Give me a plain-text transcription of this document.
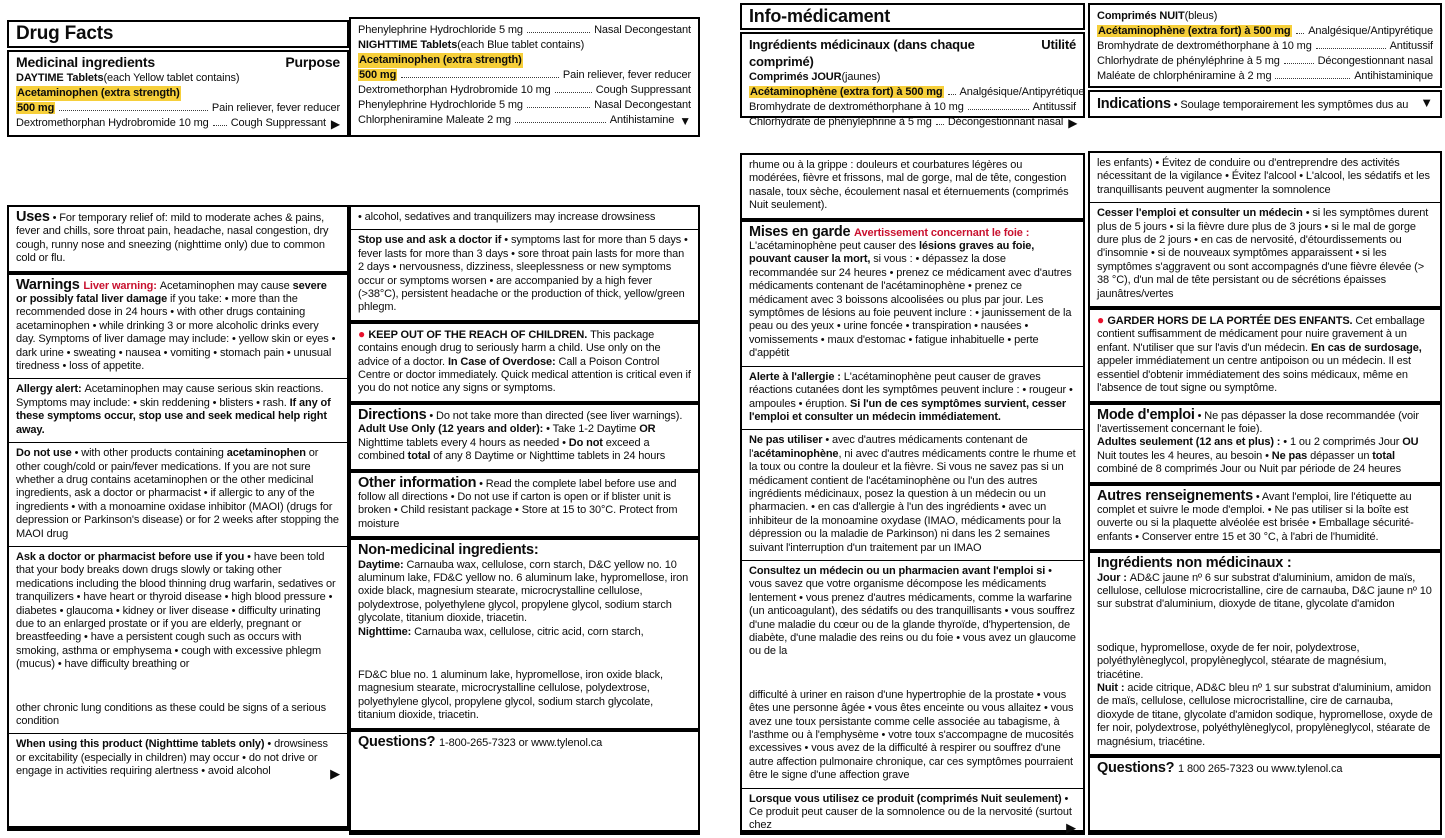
Drug Facts
Medicinal ingredients	Purpose
DAYTIME Tablets (each Yellow tablet contains)
Acetaminophen (extra strength)
500 mg	Pain reliever, fever reducer
Dextromethorphan Hydrobromide 10 mg Cough Suppressant ▶
Phenylephrine Hydrochloride 5 mg	Nasal Decongestant
NIGHTTIME Tablets (each Blue tablet contains)
Acetaminophen (extra strength)
500 mg	Pain reliever, fever reducer
Dextromethorphan Hydrobromide 10 mg	Cough Suppressant
Phenylephrine Hydrochloride 5 mg	Nasal Decongestant
Chlorpheniramine Maleate 2 mg	Antihistamine ▼
Uses • For temporary relief of: mild to moderate aches & pains, fever and chills, sore throat pain, headache, nasal congestion, dry cough, runny nose and sneezing (nighttime only) due to common cold or flu.
Warnings Liver warning: Acetaminophen may cause severe or possibly fatal liver damage if you take: • more than the recommended dose in 24 hours • with other drugs containing acetaminophen • while drinking 3 or more alcoholic drinks every day. Symptoms of liver damage may include: • yellow skin or eyes • dark urine • sweating • nausea • vomiting • stomach pain • unusual tiredness • loss of appetite.
Allergy alert: Acetaminophen may cause serious skin reactions. Symptoms may include: • skin reddening • blisters • rash. If any of these symptoms occur, stop use and seek medical help right away.
Do not use • with other products containing acetaminophen or other cough/cold or pain/fever medications. If you are not sure whether a drug contains acetaminophen or the other medicinal ingredients, ask a doctor or pharmacist • if allergic to any of the ingredients • with a monoamine oxidase inhibitor (MAOI) (drugs for depression or Parkinson's disease) or for 2 weeks after stopping the MAOI drug
Ask a doctor or pharmacist before use if you • have been told that your body breaks down drugs slowly or taking other medications including the blood thinning drug warfarin, sedatives or tranquilizers • have heart or thyroid disease • high blood pressure • diabetes • glaucoma • kidney or liver disease • difficulty urinating due to an enlarged prostate or if you are elderly, pregnant or breastfeeding • have a persistent cough such as occurs with smoking, asthma or emphysema • cough with excessive phlegm (mucus) • have difficulty breathing or
other chronic lung conditions as these could be signs of a serious condition
When using this product (Nighttime tablets only) • drowsiness or excitability (especially in children) may occur • do not drive or engage in activities requiring alertness • avoid alcohol	▶
• alcohol, sedatives and tranquilizers may increase drowsiness
Stop use and ask a doctor if • symptoms last for more than 5 days • fever lasts for more than 3 days • sore throat pain lasts for more than 2 days • nervousness, dizziness, sleeplessness or new symptoms occur or symptoms worsen • are accompanied by a high fever (>38°C), persistent headache or the production of thick, yellow/green phlegm.
● KEEP OUT OF THE REACH OF CHILDREN. This package contains enough drug to seriously harm a child. Use only on the advice of a doctor. In Case of Overdose: Call a Poison Control Centre or doctor immediately. Quick medical attention is critical even if you do not notice any signs or symptoms.
Directions • Do not take more than directed (see liver warnings).
Adult Use Only (12 years and older): • Take 1-2 Daytime OR Nighttime tablets every 4 hours as needed • Do not exceed a combined total of any 8 Daytime or Nighttime tablets in 24 hours
Other information • Read the complete label before use and follow all directions • Do not use if carton is open or if blister unit is broken • Child resistant package • Store at 15 to 30°C. Protect from moisture
Non-medicinal ingredients:
Daytime: Carnauba wax, cellulose, corn starch, D&C yellow no. 10 aluminum lake, FD&C yellow no. 6 aluminum lake, hypromellose, iron oxide black, magnesium stearate, microcrystalline cellulose, polydextrose, polyethylene glycol, propylene glycol, sodium starch glycolate, titanium dioxide, triacetin.
Nighttime: Carnauba wax, cellulose, citric acid, corn starch,
FD&C blue no. 1 aluminum lake, hypromellose, iron oxide black, magnesium stearate, microcrystalline cellulose, polydextrose, polyethylene glycol, propylene glycol, sodium starch glycolate, titanium dioxide, triacetin.
Questions? 1-800-265-7323 or www.tylenol.ca
Info-médicament
Ingrédients médicinaux (dans chaque comprimé)
Utilité
Comprimés JOUR (jaunes)
Acétaminophène (extra fort) à 500 mg Analgésique/Antipyrétique
Bromhydrate de dextrométhorphane à 10 mg	Antitussif
Chlorhydrate de phényléphrine à 5 mg Décongestionnant nasal ▶
Comprimés NUIT (bleus)
Acétaminophène (extra fort) à 500 mg Analgésique/Antipyrétique
Bromhydrate de dextrométhorphane à 10 mg	Antitussif
Chlorhydrate de phényléphrine à 5 mg	Décongestionnant nasal
Maléate de chlorphéniramine à 2 mg	Antihistaminique
Indications • Soulage temporairement les symptômes dus au ▼
rhume ou à la grippe : douleurs et courbatures légères ou modérées, fièvre et frissons, mal de gorge, mal de tête, congestion nasale, toux sèche, écoulement nasal et éternuements (comprimés Nuit seulement).
Mises en garde Avertissement concernant le foie :
L'acétaminophène peut causer des lésions graves au foie, pouvant causer la mort, si vous : • dépassez la dose recommandée sur 24 heures • prenez ce médicament avec d'autres médicaments contenant de l'acétaminophène • prenez ce médicament avec 3 boissons alcoolisées ou plus par jour. Les symptômes de lésions au foie peuvent inclure : • jaunissement de la peau ou des yeux • urine foncée • transpiration • nausées • vomissements • maux d'estomac • fatigue inhabituelle • perte d'appétit
Alerte à l'allergie : L'acétaminophène peut causer de graves réactions cutanées dont les symptômes peuvent inclure : • rougeur • ampoules • éruption. Si l'un de ces symptômes survient, cesser l'emploi et consulter un médecin immédiatement.
Ne pas utiliser • avec d'autres médicaments contenant de l'acétaminophène, ni avec d'autres médicaments contre le rhume et la toux ou contre la douleur et la fièvre. Si vous ne savez pas si un médicament contient de l'acétaminophène ou l'un des autres ingrédients médicinaux, posez la question à un médecin ou un pharmacien. • en cas d'allergie à l'un des ingrédients • avec un inhibiteur de la monoamine oxydase (IMAO, médicaments pour la dépression ou la maladie de Parkinson) ni dans les 2 semaines suivant l'interruption d'un traitement par un IMAO
Consultez un médecin ou un pharmacien avant l'emploi si • vous savez que votre organisme décompose les médicaments lentement • vous prenez d'autres médicaments, comme la warfarine (un anticoagulant), des sédatifs ou des tranquillisants • vous souffrez d'une maladie du cœur ou de la glande thyroïde, d'hypertension, de diabète, d'une maladie des reins ou du foie • vous avez un glaucome ou de la
difficulté à uriner en raison d'une hypertrophie de la prostate • vous êtes une personne âgée • vous êtes enceinte ou vous allaitez • vous avez une toux persistante comme celle associée au tabagisme, à l'asthme ou à l'emphysème • votre toux s'accompagne de mucosités excessives • vous avez de la difficulté à respirer ou souffrez d'une autre affection pulmonaire chronique, car ces symptômes pourraient être le signe d'une affection grave
Lorsque vous utilisez ce produit (comprimés Nuit seulement) • Ce produit peut causer de la somnolence ou de la nervosité (surtout chez	▶
les enfants) • Évitez de conduire ou d'entreprendre des activités nécessitant de la vigilance • Évitez l'alcool • L'alcool, les sédatifs et les tranquillisants peuvent augmenter la somnolence
Cesser l'emploi et consulter un médecin • si les symptômes durent plus de 5 jours • si la fièvre dure plus de 3 jours • si le mal de gorge dure plus de 2 jours • en cas de nervosité, d'étourdissements ou d'insomnie • si de nouveaux symptômes apparaissent • si les symptômes s'aggravent ou sont accompagnés d'une fièvre élevée (> 38 °C), d'un mal de tête persistant ou de sécrétions épaisses jaunâtres/vertes
● GARDER HORS DE LA PORTÉE DES ENFANTS. Cet emballage contient suffisamment de médicament pour nuire gravement à un enfant. N'utiliser que sur l'avis d'un médecin. En cas de surdosage, appeler immédiatement un centre antipoison ou un médecin. Il est essentiel d'obtenir immédiatement des soins médicaux, même en l'absence de tout signe ou symptôme.
Mode d'emploi • Ne pas dépasser la dose recommandée (voir l'avertissement concernant le foie).
Adultes seulement (12 ans et plus) : • 1 ou 2 comprimés Jour OU Nuit toutes les 4 heures, au besoin • Ne pas dépasser un total combiné de 8 comprimés Jour ou Nuit par période de 24 heures
Autres renseignements • Avant l'emploi, lire l'étiquette au complet et suivre le mode d'emploi. • Ne pas utiliser si la boîte est ouverte ou si la plaquette alvéolée est brisée • Emballage sécurité-enfants • Conserver entre 15 et 30 °C, à l'abri de l'humidité.
Ingrédients non médicinaux :
Jour : AD&C jaune nº 6 sur substrat d'aluminium, amidon de maïs, cellulose, cellulose microcristalline, cire de carnauba, D&C jaune nº 10 sur substrat d'aluminium, dioxyde de titane, glycolate d'amidon
sodique, hypromellose, oxyde de fer noir, polydextrose, polyéthylèneglycol, propylèneglycol, stéarate de magnésium, triacétine.
Nuit : acide citrique, AD&C bleu nº 1 sur substrat d'aluminium, amidon de maïs, cellulose, cellulose microcristalline, cire de carnauba, dioxyde de titane, glycolate d'amidon sodique, hypromellose, oxyde de fer noir, polydextrose, polyéthylèneglycol, propylèneglycol, stéarate de magnésium, triacétine.
Questions? 1 800 265-7323 ou www.tylenol.ca
